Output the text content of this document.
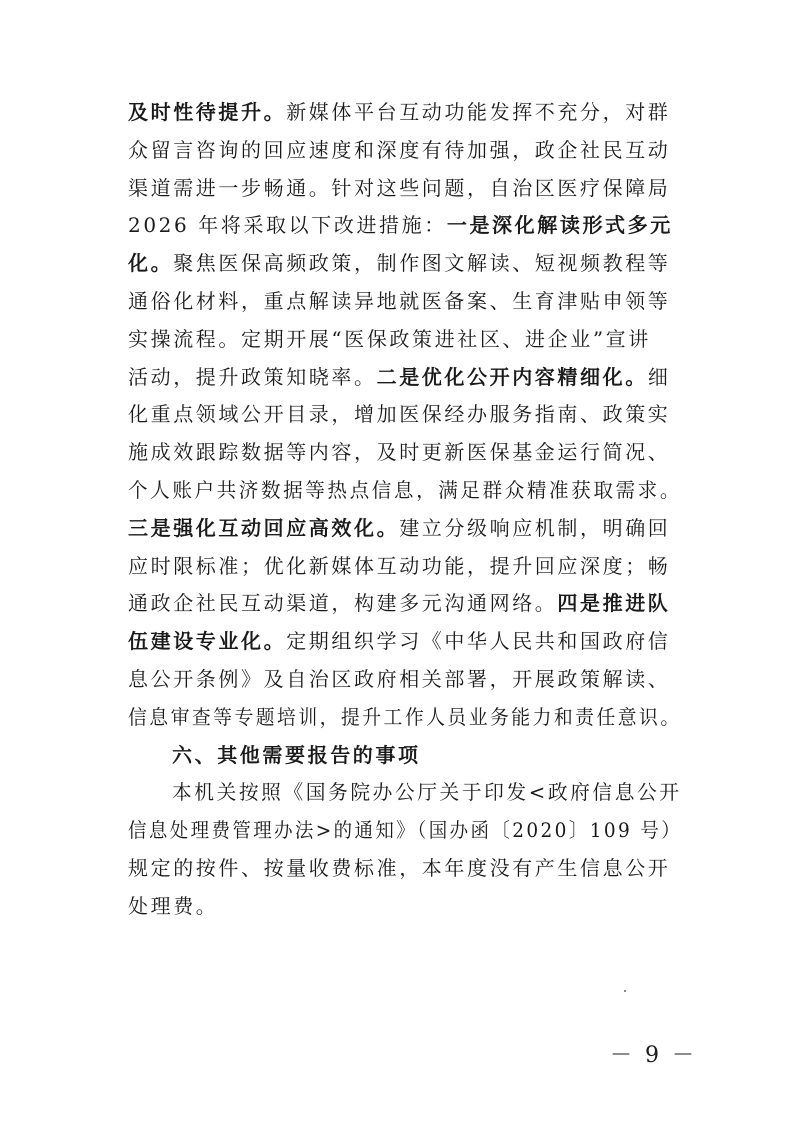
及时性待提升。新媒体平台互动功能发挥不充分，对群
众留言咨询的回应速度和深度有待加强，政企社民互动
渠道需进一步畅通。针对这些问题，自治区医疗保障局
2026 年将采取以下改进措施：一是深化解读形式多元
化。聚焦医保高频政策，制作图文解读、短视频教程等
通俗化材料，重点解读异地就医备案、生育津贴申领等
实操流程。定期开展“医保政策进社区、进企业”宣讲
活动，提升政策知晓率。二是优化公开内容精细化。细
化重点领域公开目录，增加医保经办服务指南、政策实
施成效跟踪数据等内容，及时更新医保基金运行简况、
个人账户共济数据等热点信息，满足群众精准获取需求。
三是强化互动回应高效化。建立分级响应机制，明确回
应时限标准；优化新媒体互动功能，提升回应深度；畅
通政企社民互动渠道，构建多元沟通网络。四是推进队
伍建设专业化。定期组织学习《中华人民共和国政府信
息公开条例》及自治区政府相关部署，开展政策解读、
信息审查等专题培训，提升工作人员业务能力和责任意识。
六、其他需要报告的事项
本机关按照《国务院办公厅关于印发<政府信息公开
信息处理费管理办法>的通知》（国办函〔2020〕109 号）
规定的按件、按量收费标准，本年度没有产生信息公开
处理费。
－ 9 －
